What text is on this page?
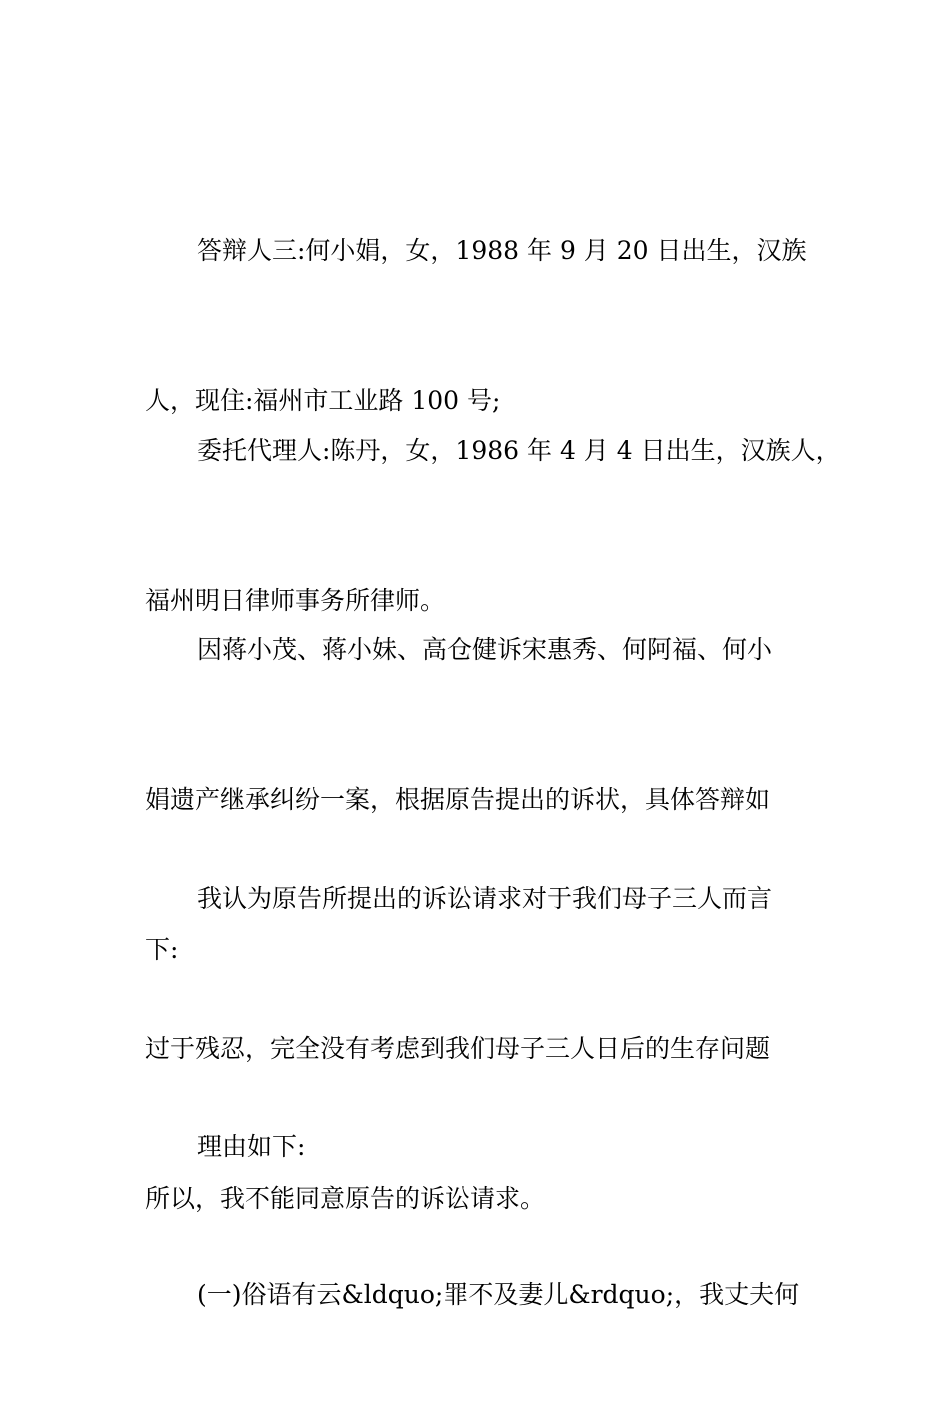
答辩人三:何小娟，女，1988 年 9 月 20 日出生，汉族

人，现住:福州市工业路 100 号;

委托代理人:陈丹，女，1986 年 4 月 4 日出生，汉族人，

福州明日律师事务所律师。

因蒋小茂、蒋小妹、高仓健诉宋惠秀、何阿福、何小

娟遗产继承纠纷一案，根据原告提出的诉状，具体答辩如

下:

我认为原告所提出的诉讼请求对于我们母子三人而言

过于残忍，完全没有考虑到我们母子三人日后的生存问题

所以，我不能同意原告的诉讼请求。

理由如下:

(一)俗语有云&ldquo;罪不及妻儿&rdquo;，我丈夫何
